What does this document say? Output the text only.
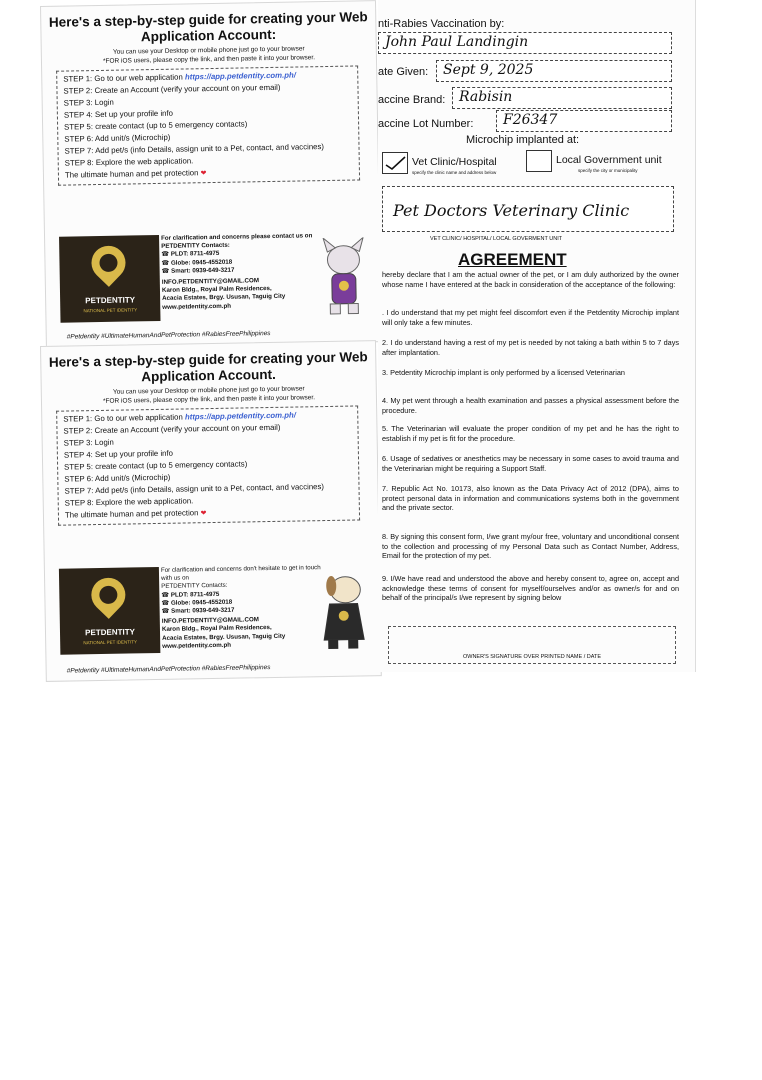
Here's a step-by-step guide for creating your Web Application Account:
You can use your Desktop or mobile phone just go to your browser
*FOR iOS users, please copy the link, and then paste it into your browser.
STEP 1: Go to our web application https://app.petdentity.com.ph/
STEP 2: Create an Account (verify your account on your email)
STEP 3: Login
STEP 4: Set up your profile info
STEP 5: create contact (up to 5 emergency contacts)
STEP 6: Add unit/s (Microchip)
STEP 7: Add pet/s (info Details, assign unit to a Pet, contact, and vaccines)
STEP 8: Explore the web application.
The ultimate human and pet protection ❤
PETDENTITY
NATIONAL PET IDENTITY
For clarification and concerns please contact us on
PETDENTITY Contacts:
☎ PLDT: 8711-4975
☎ Globe: 0945-4552018
☎ Smart: 0939-649-3217
INFO.PETDENTITY@GMAIL.COM
Karon Bldg., Royal Palm Residences,
Acacia Estates, Brgy. Ususan, Taguig City
www.petdentity.com.ph
#Petdentity #UltimateHumanAndPetProtection #RabiesFreePhilippines
Here's a step-by-step guide for creating your Web Application Account.
You can use your Desktop or mobile phone just go to your browser
*FOR iOS users, please copy the link, and then paste it into your browser.
STEP 1: Go to our web application https://app.petdentity.com.ph/
STEP 2: Create an Account (verify your account on your email)
STEP 3: Login
STEP 4: Set up your profile info
STEP 5: create contact (up to 5 emergency contacts)
STEP 6: Add unit/s (Microchip)
STEP 7: Add pet/s (info Details, assign unit to a Pet, contact, and vaccines)
STEP 8: Explore the web application.
The ultimate human and pet protection ❤
PETDENTITY
NATIONAL PET IDENTITY
For clarification and concerns don't hesitate to get in touch with us on
PETDENTITY Contacts:
☎ PLDT: 8711-4975
☎ Globe: 0945-4552018
☎ Smart: 0939-649-3217
INFO.PETDENTITY@GMAIL.COM
Karon Bldg., Royal Palm Residences,
Acacia Estates, Brgy. Ususan, Taguig City
www.petdentity.com.ph
#Petdentity #UltimateHumanAndPetProtection #RabiesFreePhilippines
nti-Rabies Vaccination by:
John Paul Landingin
ate Given: Sept 9, 2025
accine Brand: Rabisin
accine Lot Number: F26347
Microchip implanted at:
Vet Clinic/Hospital
specify the clinic name and address below
Local Government unit
specify the city or municipality
Pet Doctors Veterinary Clinic
VET CLINIC/ HOSPITAL/ LOCAL GOVERMENT UNIT
AGREEMENT
hereby declare that I am the actual owner of the pet, or I am duly authorized by the owner whose name I have entered at the back in consideration of the acceptance of the following:
. I do understand that my pet might feel discomfort even if the Petdentity Microchip implant will only take a few minutes.
2. I do understand having a rest of my pet is needed by not taking a bath within 5 to 7 days after implantation.
3. Petdentity Microchip implant is only performed by a licensed Veterinarian
4. My pet went through a health examination and passes a physical assessment before the procedure.
5. The Veterinarian will evaluate the proper condition of my pet and he has the right to establish if my pet is fit for the procedure.
6. Usage of sedatives or anesthetics may be necessary in some cases to avoid trauma and the Veterinarian might be requiring a Support Staff.
7. Republic Act No. 10173, also known as the Data Privacy Act of 2012 (DPA), aims to protect personal data in information and communications systems both in the government and the private sector.
8. By signing this consent form, I/we grant my/our free, voluntary and unconditional consent to the collection and processing of my Personal Data such as Contact Number, Address, Email for the protection of my pet.
9. I/We have read and understood the above and hereby consent to, agree on, accept and acknowledge these terms of consent for myself/ourselves and/or as owner/s for and on behalf of the principal/s I/we represent by signing below
OWNER'S SIGNATURE OVER PRINTED NAME / DATE
